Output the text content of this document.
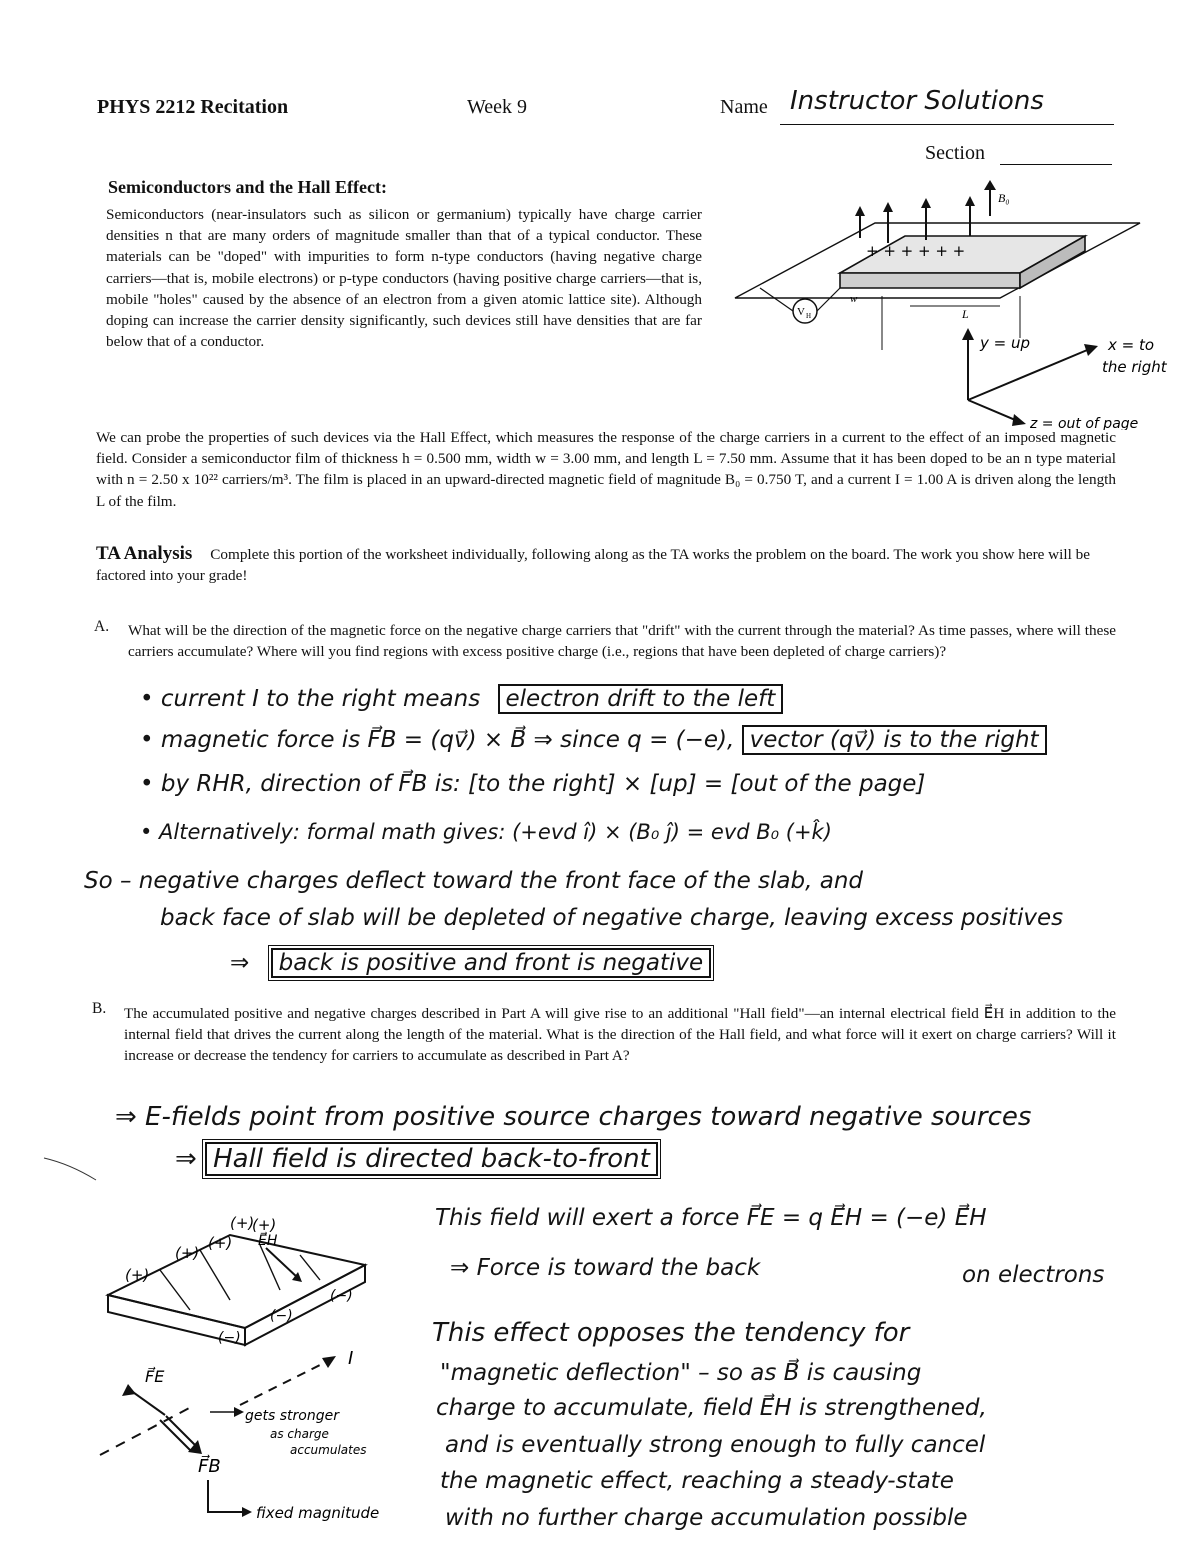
PHYS 2212 Recitation	Week 9	Name Instructor Solutions
Section
Semiconductors and the Hall Effect:
Semiconductors (near-insulators such as silicon or germanium) typically have charge carrier densities n that are many orders of magnitude smaller than that of a typical conductor. These materials can be "doped" with impurities to form n-type conductors (having negative charge carriers—that is, mobile electrons) or p-type conductors (having positive charge carriers—that is, mobile "holes" caused by the absence of an electron from a given atomic lattice site). Although doping can increase the carrier density significantly, such devices still have densities that are far below that of a conductor.
B₀
+ + + + + +
V H
w
L
y = up	x = to
the right
z = out of page
We can probe the properties of such devices via the Hall Effect, which measures the response of the charge carriers in a current to the effect of an imposed magnetic field. Consider a semiconductor film of thickness h = 0.500 mm, width w = 3.00 mm, and length L = 7.50 mm. Assume that it has been doped to be an n type material with n = 2.50 x 10²² carriers/m³. The film is placed in an upward-directed magnetic field of magnitude B₀ = 0.750 T, and a current I = 1.00 A is driven along the length L of the film.
TA Analysis Complete this portion of the worksheet individually, following along as the TA works the problem on the board. The work you show here will be factored into your grade!
A. What will be the direction of the magnetic force on the negative charge carriers that "drift" with the current through the material? As time passes, where will these carriers accumulate? Where will you find regions with excess positive charge (i.e., regions that have been depleted of charge carriers)?
• current I to the right means electron drift to the left
• magnetic force is F⃗B = (qv⃗) × B⃗ ⇒ since q = (−e), vector (qv⃗) is to the right
• by RHR, direction of F⃗B is: [to the right] × [up] = [out of the page]
• Alternatively: formal math gives: (+evd î) × (B₀ ĵ) = evd B₀ (+k̂)
So – negative charges deflect toward the front face of the slab, and
back face of slab will be depleted of negative charge, leaving excess positives
⇒ back is positive and front is negative
B. The accumulated positive and negative charges described in Part A will give rise to an additional "Hall field"—an internal electrical field E⃗H in addition to the internal field that drives the current along the length of the material. What is the direction of the Hall field, and what force will it exert on charge carriers? Will it increase or decrease the tendency for carriers to accumulate as described in Part A?
⇒ E-fields point from positive source charges toward negative sources
⇒ Hall field is directed back-to-front
This field will exert a force F⃗E = q E⃗H = (−e) E⃗H
⇒ Force is toward the back	on electrons
This effect opposes the tendency for
"magnetic deflection" – so as B⃗ is causing
charge to accumulate, field E⃗H is strengthened,
and is eventually strong enough to fully cancel
the magnetic effect, reaching a steady-state
with no further charge accumulation possible
(+)
(+)
(+)
(+)
(+)
(−)
(−)
(−)
E⃗H
I
F⃗E
F⃗B
gets stronger
as charge
accumulates
fixed magnitude
